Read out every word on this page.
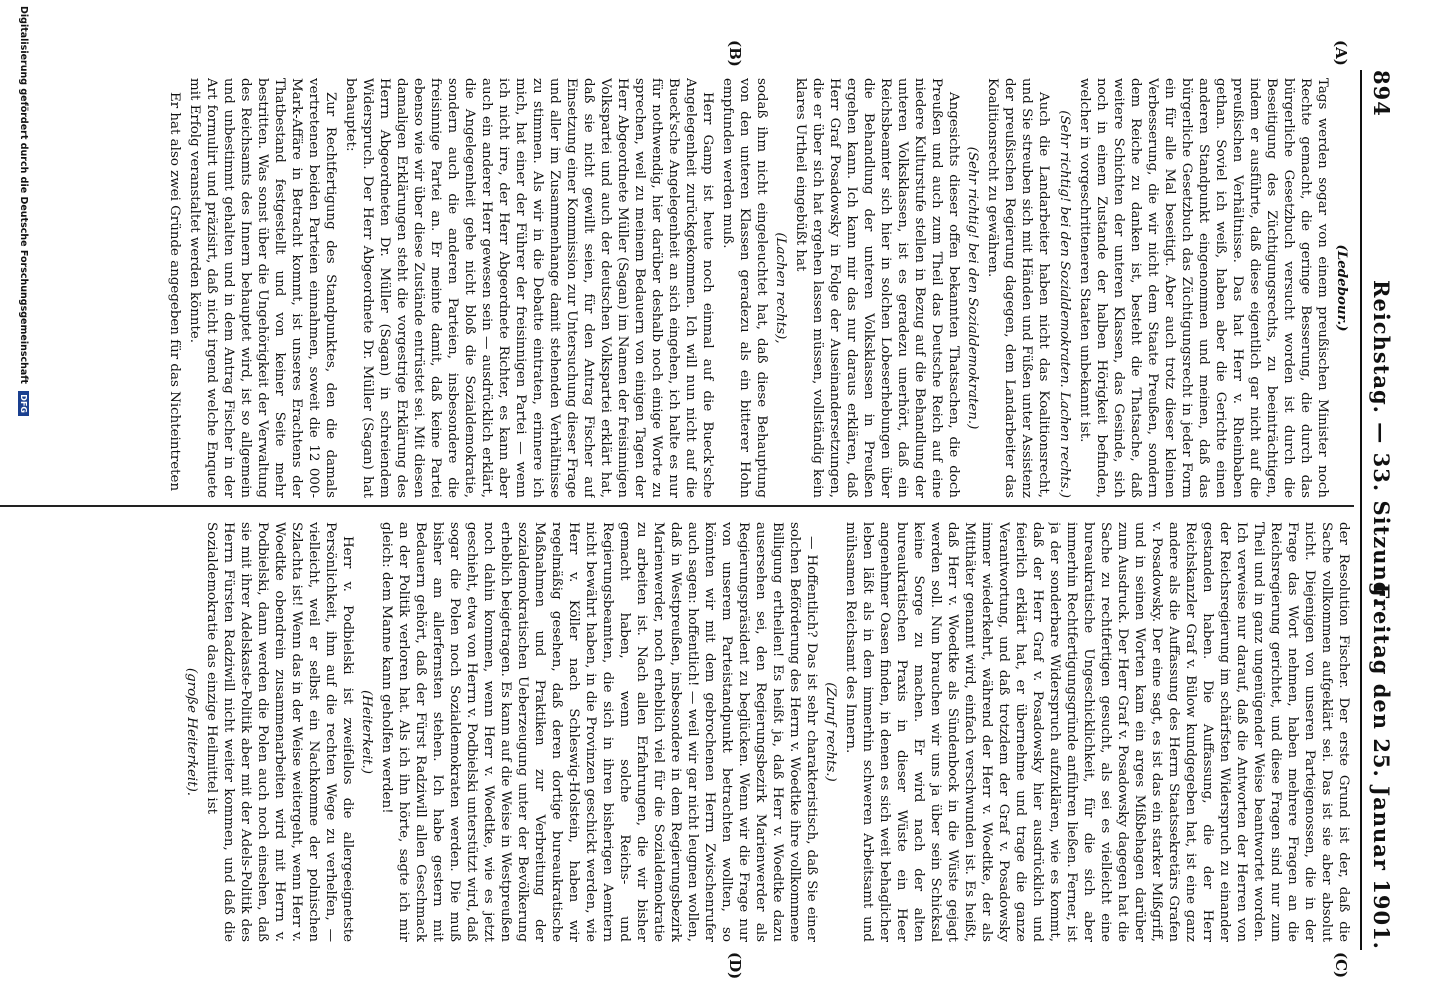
894
Reichstag. — 33. Sitzung.
Freitag den 25. Januar 1901.
(A)
(B)
(C)
(D)

(Ledebour.)

Tags werden sogar von einem preußischen Minister noch Rechte gemacht, die geringe Besserung, die durch das bürgerliche Gesetzbuch versucht worden ist durch die Beseitigung des Züchtigungsrechts, zu beeinträchtigen, indem er ausführte, daß diese eigentlich gar nicht auf die preußischen Verhältnisse. Das hat Herr v. Rheinbaben gethan. Soviel ich weiß, haben aber die Gerichte einen anderen Standpunkt eingenommen und meinen, daß das bürgerliche Gesetzbuch das Züchtigungsrecht in jeder Form ein für alle Mal beseitigt. Aber auch trotz dieser kleinen Verbesserung, die wir nicht dem Staate Preußen, sondern dem Reiche zu danken ist, besteht die Thatsache, daß weitere Schichten der unteren Klassen, das Gesinde, sich noch in einem Zustande der halben Hörigkeit befinden, welcher in vorgeschritteneren Staaten unbekannt ist.

(Sehr richtig! bei den Sozialdemokraten. Lachen rechts.)

Auch die Landarbeiter haben nicht das Koalitionsrecht, und Sie streuben sich mit Händen und Füßen unter Assistenz der preußischen Regierung dagegen, dem Landarbeiter das Koalitionsrecht zu gewähren.

(Sehr richtig! bei den Sozialdemokraten.)

Angesichts dieser offen bekannten Thatsachen, die doch Preußen und auch zum Theil das Deutsche Reich auf eine niedere Kulturstufe stellen in Bezug auf die Behandlung der unteren Volksklassen, ist es geradezu unerhört, daß ein Reichsbeamter sich hier in solchen Lobeserhebungen über die Behandlung der unteren Volksklassen in Preußen ergehen kann. Ich kann mir das nur daraus erklären, daß Herr Graf Posadowsky in Folge der Auseinandersetzungen, die er über sich hat ergehen lassen müssen, vollständig kein klares Urtheil eingebüßt hat

(Lachen rechts),

sodaß ihm nicht eingeleuchtet hat, daß diese Behauptung von den unteren Klassen geradezu als ein bitterer Hohn empfunden werden muß.

Herr Gamp ist heute noch einmal auf die Bueck'sche Angelegenheit zurückgekommen. Ich will nun nicht auf die Bueck'sche Angelegenheit an sich eingehen, ich halte es nur für nothwendig, hier darüber deshalb noch einige Worte zu sprechen, weil zu meinem Bedauern von einigen Tagen der Herr Abgeordnete Müller (Sagan) im Namen der freisinnigen Volkspartei und auch der deutschen Volkspartei erklärt hat, daß sie nicht gewillt seien, für den Antrag Fischer auf Einsetzung einer Kommission zur Untersuchung dieser Frage und aller im Zusammenhange damit stehenden Verhältnisse zu stimmen. Als wir in die Debatte eintraten, erinnere ich mich, hat einer der Führer der freisinnigen Partei — wenn ich nicht irre, der Herr Abgeordnete Richter, es kann aber auch ein anderer Herr gewesen sein — ausdrücklich erklärt, die Angelegenheit gehe nicht bloß die Sozialdemokratie, sondern auch die anderen Parteien, insbesondere die freisinnige Partei an. Er meinte damit, daß keine Partei ebenso wie wir über diese Zustände entrüstet sei. Mit diesen damaligen Erklärungen steht die vorgestrige Erklärung des Herrn Abgeordneten Dr. Müller (Sagan) in schreiendem Widerspruch. Der Herr Abgeordnete Dr. Müller (Sagan) hat behauptet:

Zur Rechtfertigung des Standpunktes, den die damals vertretenen beiden Parteien einnahmen, soweit die 12 000-Mark-Affäre in Betracht kommt, ist unseres Erachtens der Thatbestand festgestellt und von keiner Seite mehr bestritten. Was sonst über die Ungehörigkeit der Verwaltung des Reichsamts des Innern behauptet wird, ist so allgemein und unbestimmt gehalten und in dem Antrag Fischer in der Art formulirt und präzisirt, daß nicht irgend welche Enquete mit Erfolg veranstaltet werden könnte.

Er hat also zwei Gründe angegeben für das Nichteintreten

der Resolution Fischer. Der erste Grund ist der, daß die Sache vollkommen aufgeklärt sei. Das ist sie aber absolut nicht. Diejenigen von unseren Parteigenossen, die in der Frage das Wort nehmen, haben mehrere Fragen an die Reichsregierung gerichtet, und diese Fragen sind nur zum Theil und in ganz ungenügender Weise beantwortet worden. Ich verweise nur darauf, daß die Antworten der Herren von der Reichsregierung im schärfsten Widerspruch zu einander gestanden haben. Die Auffassung, die der Herr Reichskanzler Graf v. Bülow kundgegeben hat, ist eine ganz andere als die Auffassung des Herrn Staatssekretärs Grafen v. Posadowsky. Der eine sagt, es ist das ein starker Mißgriff, und in seinen Worten kam ein arges Mißbehagen darüber zum Ausdruck. Der Herr Graf v. Posadowsky dagegen hat die Sache zu rechtfertigen gesucht, als sei es vielleicht eine bureaukratische Ungeschicklichkeit, für die sich aber immerhin Rechtfertigungsgründe anführen ließen. Ferner, ist ja der sonderbare Widerspruch aufzuklären, wie es kommt, daß der Herr Graf v. Posadowsky hier ausdrücklich und feierlich erklärt hat, er übernehme und trage die ganze Verantwortung, und daß trotzdem der Graf v. Posadowsky immer wiederkehrt, während der Herr v. Woedtke, der als Mitthäter genannt wird, einfach verschwunden ist. Es heißt, daß Herr v. Woedtke als Sündenbock in die Wüste gejagt werden soll. Nun brauchen wir uns ja über sein Schicksal keine Sorge zu machen. Er wird nach der alten bureaukratischen Praxis in dieser Wüste ein Heer angenehmer Oasen finden, in denen es sich weit behaglicher leben läßt als in dem immerhin schweren Arbeitsamt und mühsamen Reichsamt des Innern.

(Zuruf rechts.)

— Hoffentlich? Das ist sehr charakteristisch, daß Sie einer solchen Beförderung des Herrn v. Woedtke ihre vollkommene Billigung ertheilen! Es heißt ja, daß Herr v. Woedtke dazu ausersehen sei, den Regierungsbezirk Marienwerder als Regierungspräsident zu beglücken. Wenn wir die Frage nur von unserem Parteistandpunkt betrachten wollten, so könnten wir mit dem gebrochenen Herrn Zwischenrufer auch sagen: hoffentlich! — weil wir gar nicht leugnen wollen, daß in Westpreußen, insbesondere in dem Regierungsbezirk Marienwerder, noch erheblich viel für die Sozialdemokratie zu arbeiten ist. Nach allen Erfahrungen, die wir bisher gemacht haben, wenn solche Reichs- und Regierungsbeamten, die sich in ihren bisherigen Aemtern nicht bewährt haben, in die Provinzen geschickt werden, wie Herr v. Köller nach Schleswig-Holstein, haben wir regelmäßig gesehen, daß deren dortige bureaukratische Maßnahmen und Praktiken zur Verbreitung der sozialdemokratischen Ueberzeugung unter der Bevölkerung erheblich beigetragen. Es kann auf die Weise in Westpreußen noch dahin kommen, wenn Herr v. Woedtke, wie es jetzt geschieht, etwa von Herrn v. Podbielski unterstützt wird, daß sogar die Polen noch Sozialdemokraten werden. Die muß bisher am allerfernsten stehen. Ich habe gestern mit Bedauern gehört, daß der Fürst Radziwill allen Geschmack an der Politik verloren hat. Als ich ihn hörte, sagte ich mir gleich: dem Manne kann geholfen werden!

(Heiterkeit.)

Herr v. Podbielski ist zweifellos die allergeeignetste Persönlichkeit, ihm auf die rechten Wege zu verhelfen, — vielleicht, weil er selbst ein Nachkomme der polnischen Szlachta ist! Wenn das in der Weise weitergeht, wenn Herr v. Woedtke obendrein zusammenarbeiten wird mit Herrn v. Podbielski, dann werden die Polen auch noch einsehen, daß sie mit ihrer Adelskaste-Politik aber mit der Adels-Politik des Herrn Fürsten Radziwill nicht weiter kommen, und daß die Sozialdemokratie das einzige Heilmittel ist

(große Heiterkeit).

Digitalisierung gefördert durch die Deutsche Forschungsgemeinschaft DFG
